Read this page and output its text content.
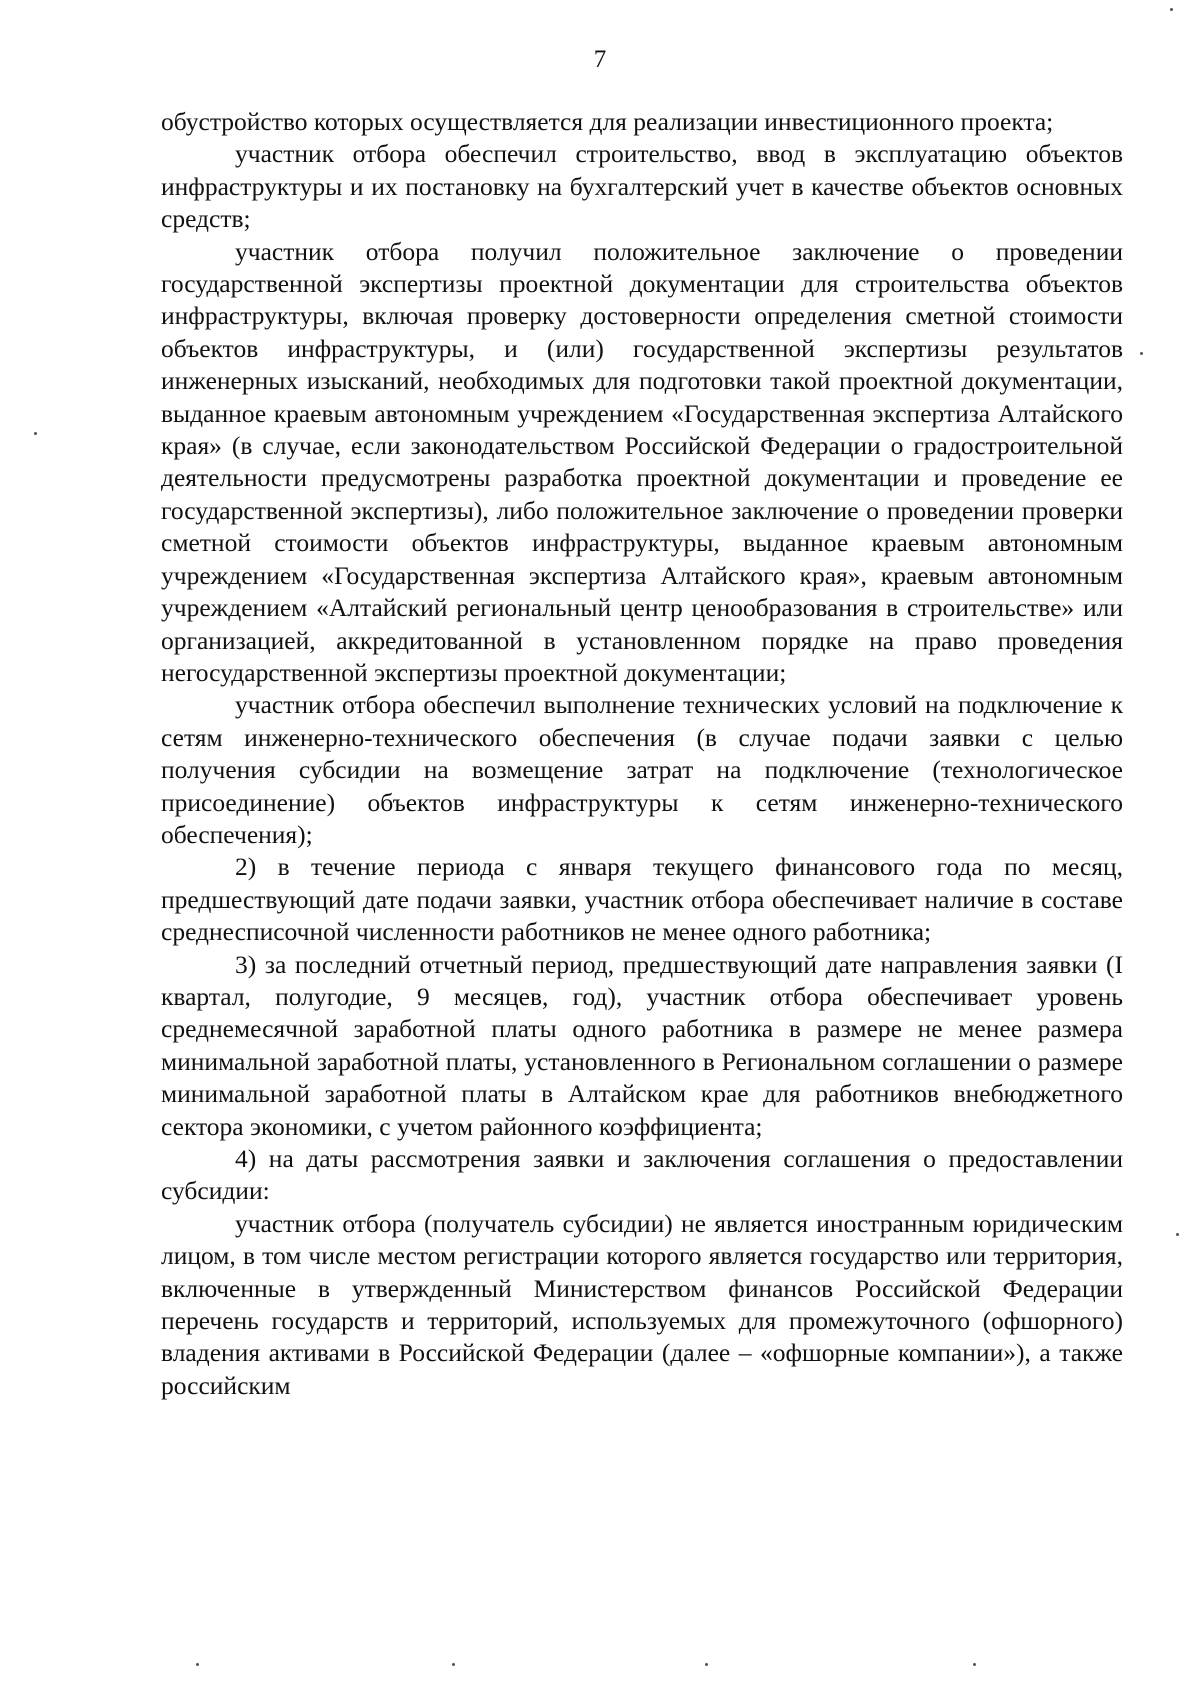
7

обустройство которых осуществляется для реализации инвестиционного проекта;

участник отбора обеспечил строительство, ввод в эксплуатацию объектов инфраструктуры и их постановку на бухгалтерский учет в качестве объектов основных средств;

участник отбора получил положительное заключение о проведении государственной экспертизы проектной документации для строительства объектов инфраструктуры, включая проверку достоверности определения сметной стоимости объектов инфраструктуры, и (или) государственной экспертизы результатов инженерных изысканий, необходимых для подготовки такой проектной документации, выданное краевым автономным учреждением «Государственная экспертиза Алтайского края» (в случае, если законодательством Российской Федерации о градостроительной деятельности предусмотрены разработка проектной документации и проведение ее государственной экспертизы), либо положительное заключение о проведении проверки сметной стоимости объектов инфраструктуры, выданное краевым автономным учреждением «Государственная экспертиза Алтайского края», краевым автономным учреждением «Алтайский региональный центр ценообразования в строительстве» или организацией, аккредитованной в установленном порядке на право проведения негосударственной экспертизы проектной документации;

участник отбора обеспечил выполнение технических условий на подключение к сетям инженерно-технического обеспечения (в случае подачи заявки с целью получения субсидии на возмещение затрат на подключение (технологическое присоединение) объектов инфраструктуры к сетям инженерно-технического обеспечения);

2) в течение периода с января текущего финансового года по месяц, предшествующий дате подачи заявки, участник отбора обеспечивает наличие в составе среднесписочной численности работников не менее одного работника;

3) за последний отчетный период, предшествующий дате направления заявки (I квартал, полугодие, 9 месяцев, год), участник отбора обеспечивает уровень среднемесячной заработной платы одного работника в размере не менее размера минимальной заработной платы, установленного в Региональном соглашении о размере минимальной заработной платы в Алтайском крае для работников внебюджетного сектора экономики, с учетом районного коэффициента;

4) на даты рассмотрения заявки и заключения соглашения о предоставлении субсидии:

участник отбора (получатель субсидии) не является иностранным юридическим лицом, в том числе местом регистрации которого является государство или территория, включенные в утвержденный Министерством финансов Российской Федерации перечень государств и территорий, используемых для промежуточного (офшорного) владения активами в Российской Федерации (далее – «офшорные компании»), а также российским
